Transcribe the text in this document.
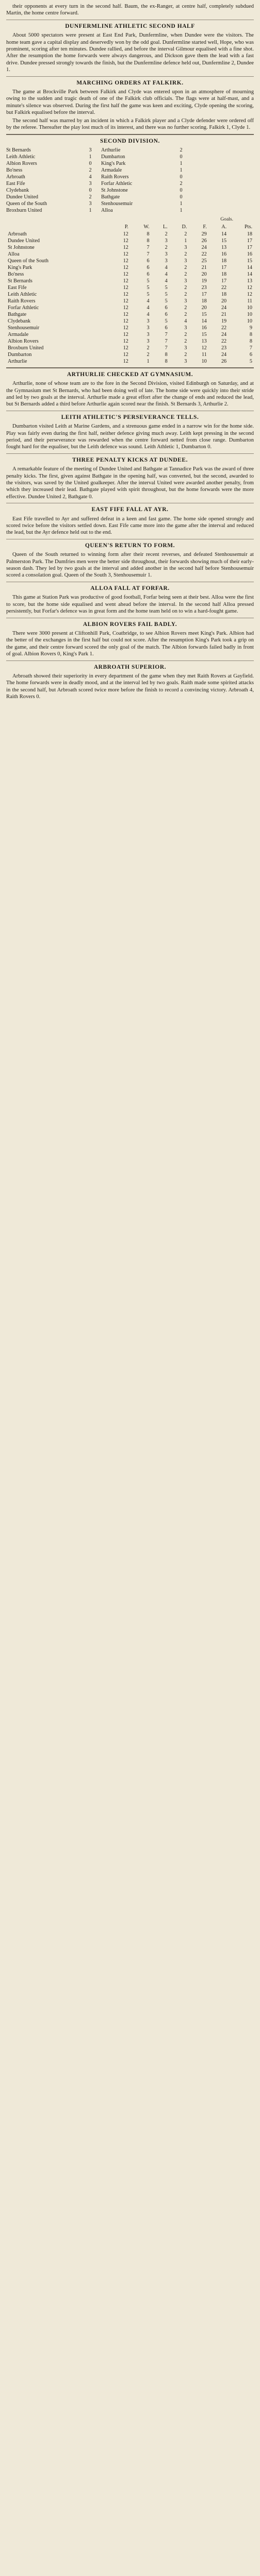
their opponents at every turn in the second half. Baum, the ex-Ranger, at centre half, completely subdued Martin, the home centre forward.

DUNFERMLINE ATHLETIC SECOND HALF

About 5000 spectators were present at East End Park, Dunfermline, when Dundee were the visitors. The home team gave a capital display and deservedly won by the odd goal. Dunfermline started well, Hope, who was prominent, scoring after ten minutes. Dundee rallied, and before the interval Gilmour equalised with a fine shot. After the resumption the home forwards were always dangerous, and Dickson gave them the lead with a fast drive. Dundee pressed strongly towards the finish, but the Dunfermline defence held out, Dunfermline 2, Dundee 1.

MARCHING ORDERS AT FALKIRK.

The game at Brockville Park between Falkirk and Clyde was entered upon in an atmosphere of mourning owing to the sudden and tragic death of one of the Falkirk club officials. The flags were at half-mast, and a minute's silence was observed. During the first half the game was keen and exciting, Clyde opening the scoring, but Falkirk equalised before the interval.

The second half was marred by an incident in which a Falkirk player and a Clyde defender were ordered off by the referee. Thereafter the play lost much of its interest, and there was no further scoring. Falkirk 1, Clyde 1.

SECOND DIVISION.
St Bernards	3	Arthurlie	2
Leith Athletic	1	Dumbarton	0
Albion Rovers	0	King's Park	1
Bo'ness	2	Armadale	1
Arbroath	4	Raith Rovers	0
East Fife	3	Forfar Athletic	2
Clydebank	0	St Johnstone	0
Dundee United	2	Bathgate	0
Queen of the South	3	Stenhousemuir	1
Broxburn United	1	Alloa	1
Goals.
	P.	W.	L.	D.	F.	A.	Pts.
Arbroath	12	8	2	2	29	14	18
Dundee United	12	8	3	1	26	15	17
St Johnstone	12	7	2	3	24	13	17
Alloa	12	7	3	2	22	16	16
Queen of the South	12	6	3	3	25	18	15
King's Park	12	6	4	2	21	17	14
Bo'ness	12	6	4	2	20	18	14
St Bernards	12	5	4	3	19	17	13
East Fife	12	5	5	2	23	22	12
Leith Athletic	12	5	5	2	17	18	12
Raith Rovers	12	4	5	3	18	20	11
Forfar Athletic	12	4	6	2	20	24	10
Bathgate	12	4	6	2	15	21	10
Clydebank	12	3	5	4	14	19	10
Stenhousemuir	12	3	6	3	16	22	9
Armadale	12	3	7	2	15	24	8
Albion Rovers	12	3	7	2	13	22	8
Broxburn United	12	2	7	3	12	23	7
Dumbarton	12	2	8	2	11	24	6
Arthurlie	12	1	8	3	10	26	5
ARTHURLIE CHECKED AT GYMNASIUM.

Arthurlie, none of whose team are to the fore in the Second Division, visited Edinburgh on Saturday, and at the Gymnasium met St Bernards, who had been doing well of late. The home side were quickly into their stride and led by two goals at the interval. Arthurlie made a great effort after the change of ends and reduced the lead, but St Bernards added a third before Arthurlie again scored near the finish. St Bernards 3, Arthurlie 2.

LEITH ATHLETIC'S PERSEVERANCE TELLS.

Dumbarton visited Leith at Marine Gardens, and a strenuous game ended in a narrow win for the home side. Play was fairly even during the first half, neither defence giving much away. Leith kept pressing in the second period, and their perseverance was rewarded when the centre forward netted from close range. Dumbarton fought hard for the equaliser, but the Leith defence was sound. Leith Athletic 1, Dumbarton 0.

THREE PENALTY KICKS AT DUNDEE.

A remarkable feature of the meeting of Dundee United and Bathgate at Tannadice Park was the award of three penalty kicks. The first, given against Bathgate in the opening half, was converted, but the second, awarded to the visitors, was saved by the United goalkeeper. After the interval United were awarded another penalty, from which they increased their lead. Bathgate played with spirit throughout, but the home forwards were the more effective. Dundee United 2, Bathgate 0.

EAST FIFE FALL AT AYR.

East Fife travelled to Ayr and suffered defeat in a keen and fast game. The home side opened strongly and scored twice before the visitors settled down. East Fife came more into the game after the interval and reduced the lead, but the Ayr defence held out to the end.

QUEEN'S RETURN TO FORM.

Queen of the South returned to winning form after their recent reverses, and defeated Stenhousemuir at Palmerston Park. The Dumfries men were the better side throughout, their forwards showing much of their early-season dash. They led by two goals at the interval and added another in the second half before Stenhousemuir scored a consolation goal. Queen of the South 3, Stenhousemuir 1.

ALLOA FALL AT FORFAR.

This game at Station Park was productive of good football, Forfar being seen at their best. Alloa were the first to score, but the home side equalised and went ahead before the interval. In the second half Alloa pressed persistently, but Forfar's defence was in great form and the home team held on to win a hard-fought game.

ALBION ROVERS FAIL BADLY.

There were 3000 present at Cliftonhill Park, Coatbridge, to see Albion Rovers meet King's Park. Albion had the better of the exchanges in the first half but could not score. After the resumption King's Park took a grip on the game, and their centre forward scored the only goal of the match. The Albion forwards failed badly in front of goal. Albion Rovers 0, King's Park 1.

ARBROATH SUPERIOR.

Arbroath showed their superiority in every department of the game when they met Raith Rovers at Gayfield. The home forwards were in deadly mood, and at the interval led by two goals. Raith made some spirited attacks in the second half, but Arbroath scored twice more before the finish to record a convincing victory. Arbroath 4, Raith Rovers 0.
